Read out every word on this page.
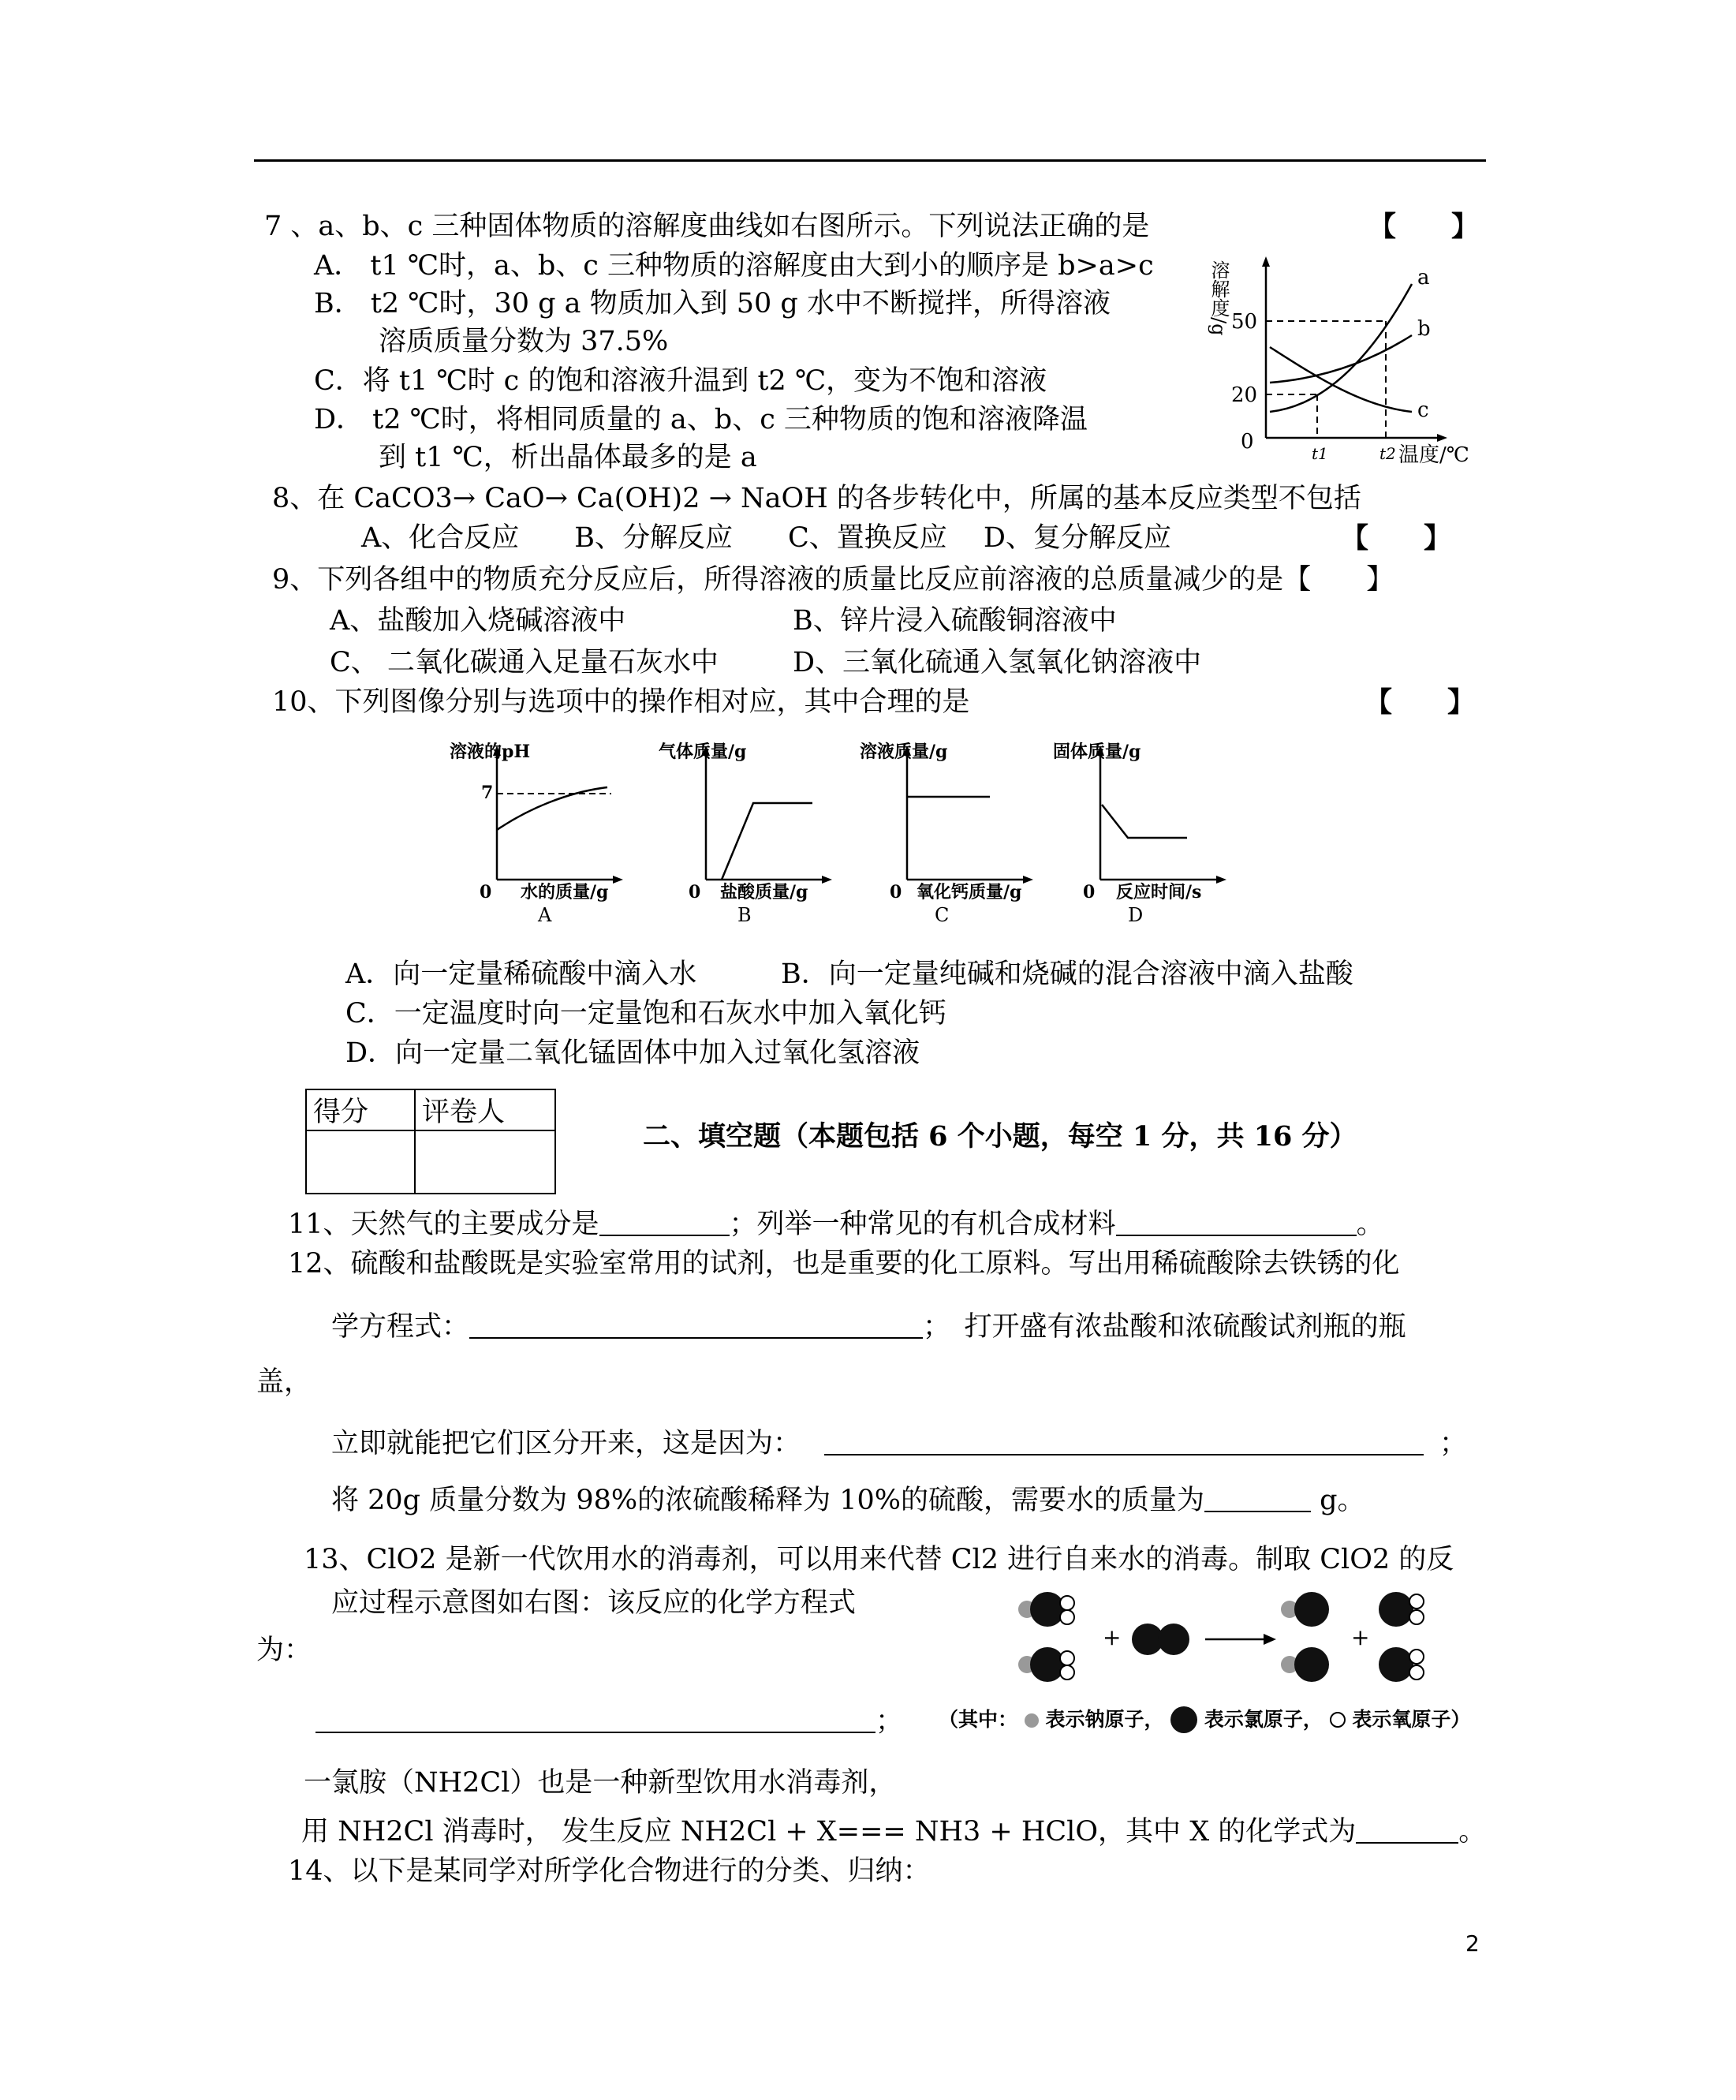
7 、a、b、c 三种固体物质的溶解度曲线如右图所示。下列说法正确的是	【　　】
A． t1 ℃时，a、b、c 三种物质的溶解度由大到小的顺序是 b>a>c
B． t2 ℃时，30 g a 物质加入到 50 g 水中不断搅拌，所得溶液
溶质质量分数为 37.5%
C．将 t1 ℃时 c 的饱和溶液升温到 t2 ℃，变为不饱和溶液
D． t2 ℃时，将相同质量的 a、b、c 三种物质的饱和溶液降温
到 t1 ℃，析出晶体最多的是 a
溶解度/g 50
20
0	t1	t2 温度/℃
a
b
c
8、在 CaCO3→ CaO→ Ca(OH)2 → NaOH 的各步转化中，所属的基本反应类型不包括
A、化合反应　　B、分解反应　　C、置换反应　 D、复分解反应	【　　】
9、下列各组中的物质充分反应后，所得溶液的质量比反应前溶液的总质量减少的是【　　】
A、盐酸加入烧碱溶液中	B、锌片浸入硫酸铜溶液中
C、 二氧化碳通入足量石灰水中	D、三氧化硫通入氢氧化钠溶液中
10、下列图像分别与选项中的操作相对应，其中合理的是	【　　】
溶液的pH
7
0 水的质量/g
A
气体质量/g
0 盐酸质量/g
B
溶液质量/g
0 氧化钙质量/g
C
固体质量/g
0 反应时间/s
D
A．向一定量稀硫酸中滴入水	B．向一定量纯碱和烧碱的混合溶液中滴入盐酸
C．一定温度时向一定量饱和石灰水中加入氧化钙
D．向一定量二氧化锰固体中加入过氧化氢溶液
得分	评卷人

二、填空题（本题包括 6 个小题，每空 1 分，共 16 分）
11、天然气的主要成分是	；列举一种常见的有机合成材料	。
12、硫酸和盐酸既是实验室常用的试剂，也是重要的化工原料。写出用稀硫酸除去铁锈的化
学方程式：	；　打开盛有浓盐酸和浓硫酸试剂瓶的瓶
盖，
立即就能把它们区分开来，这是因为：	；
将 20g 质量分数为 98%的浓硫酸稀释为 10%的硫酸，需要水的质量为	g。
13、ClO2 是新一代饮用水的消毒剂，可以用来代替 Cl2 进行自来水的消毒。制取 ClO2 的反
应过程示意图如右图：该反应的化学方程式
为：	+	+
； （其中： 表示钠原子， 表示氯原子， 表示氧原子）
一氯胺（NH2Cl）也是一种新型饮用水消毒剂，
用 NH2Cl 消毒时， 发生反应 NH2Cl + X=== NH3 + HClO，其中 X 的化学式为	。
14、以下是某同学对所学化合物进行的分类、归纳：
2
